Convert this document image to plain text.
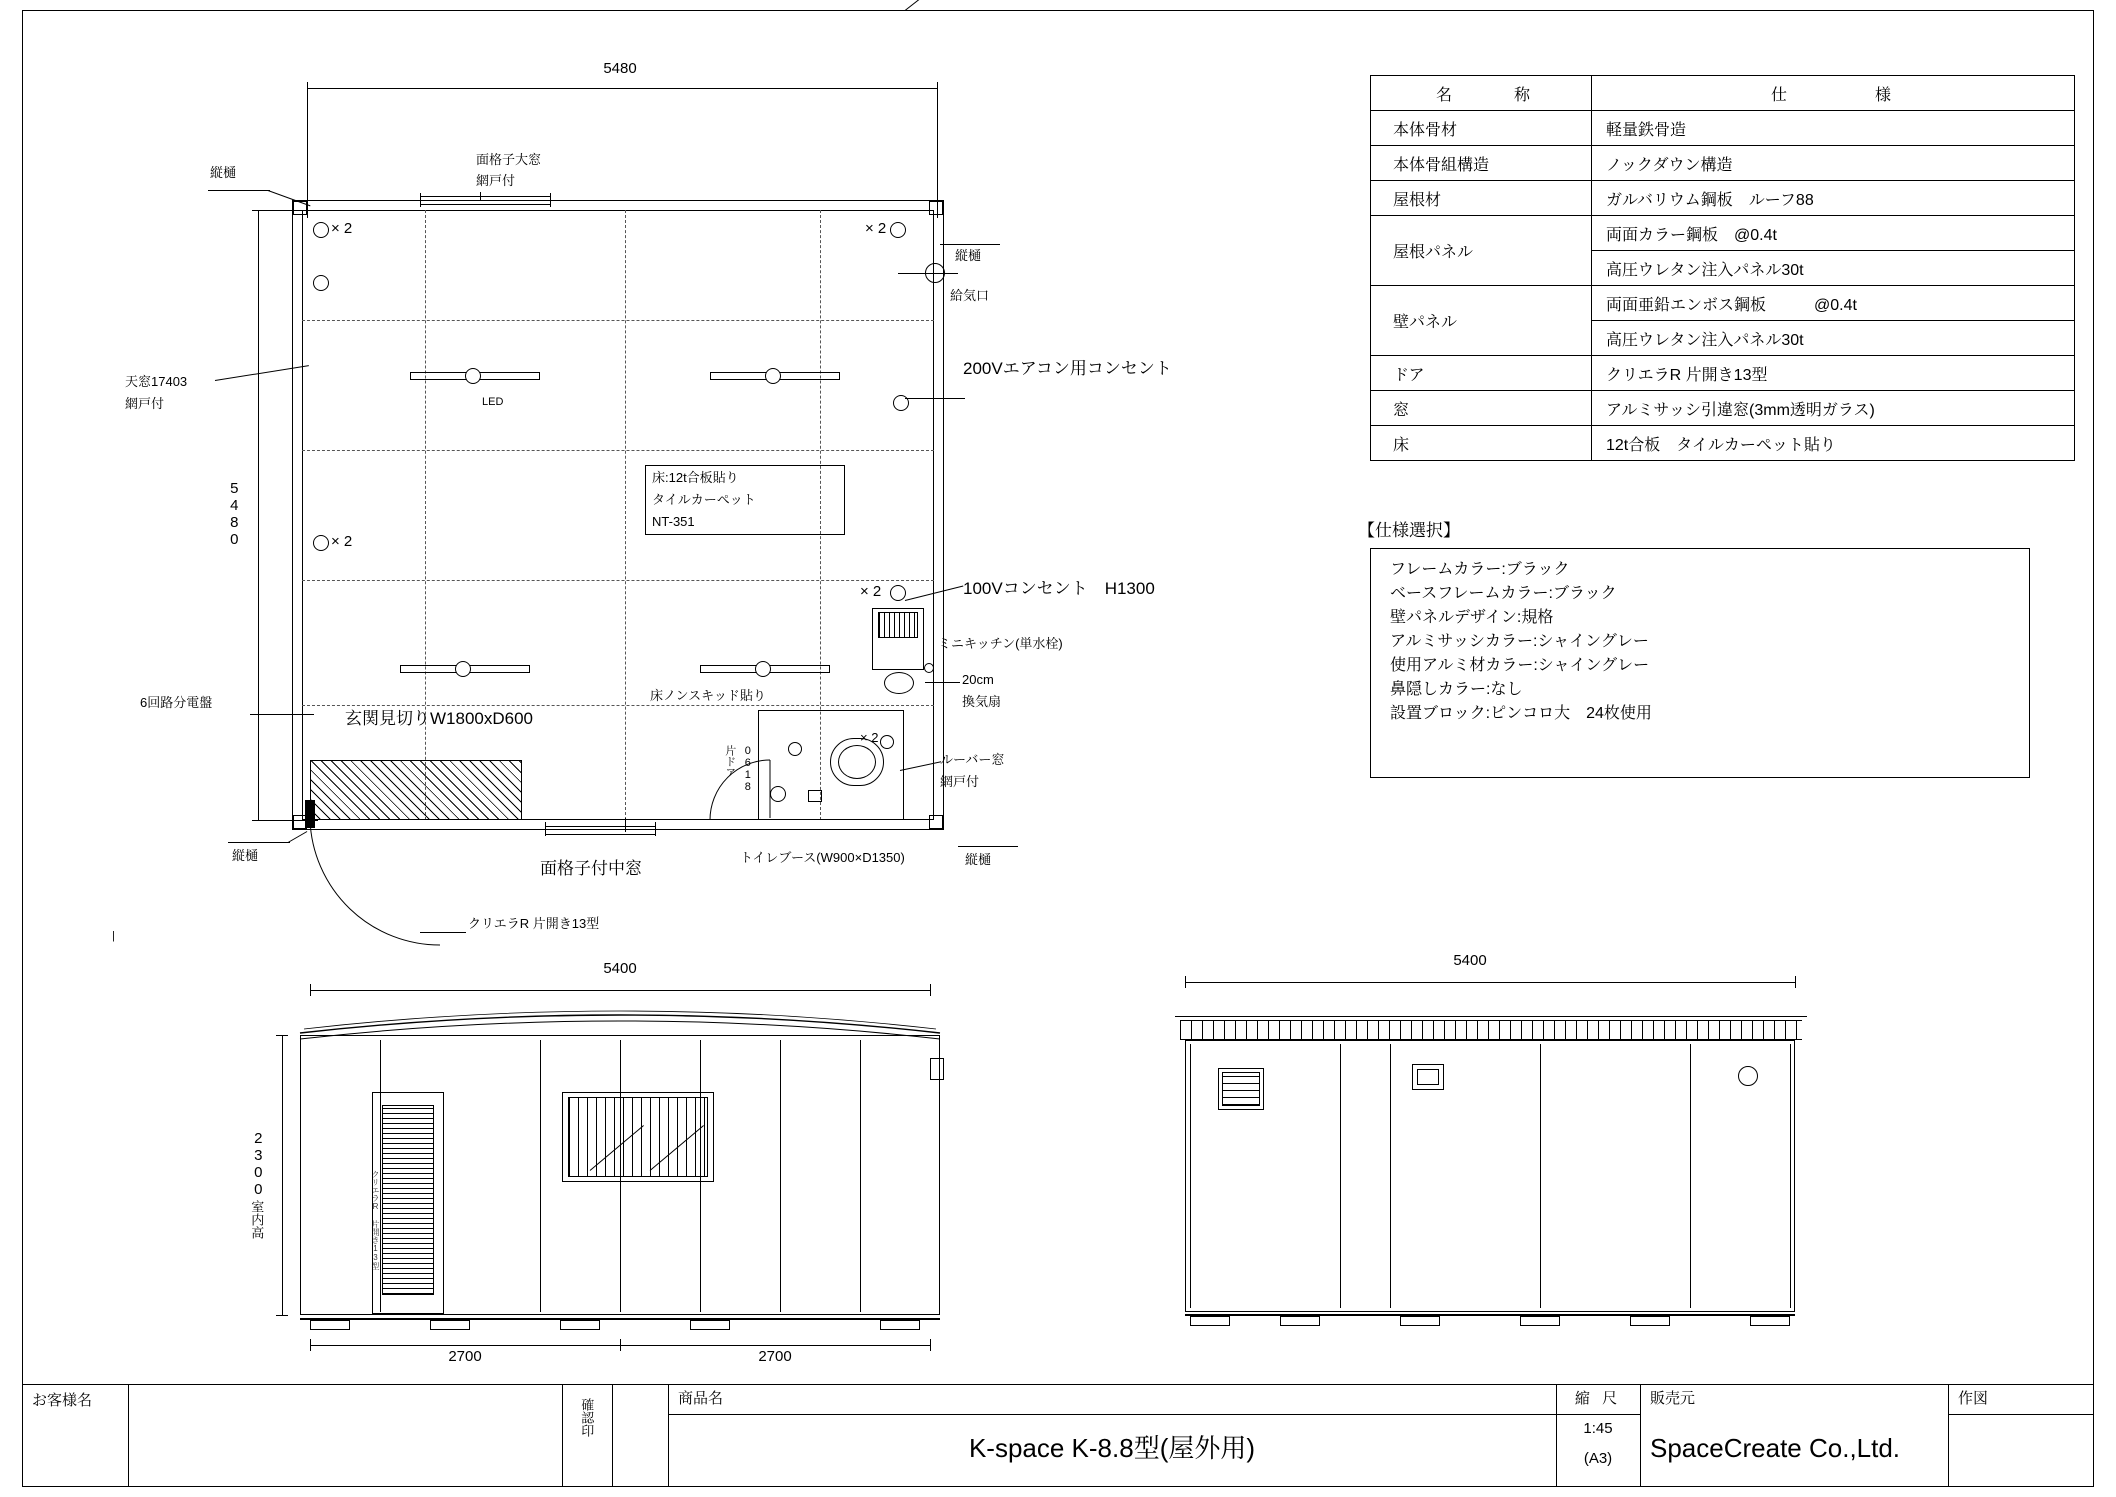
5480
5480
LED
× 2
× 2
× 2
× 2
× 2
床:12t合板貼り
タイルカーペット
NT-351
片ドア 0618
縦樋
面格子大窓
網戸付
縦樋
給気口
天窓17403
網戸付
200Vエアコン用コンセント
100Vコンセント　H1300
ミニキッチン(単水栓)
20cm
換気扇
ルーバー窓
網戸付
床ノンスキッド貼り
玄関見切りW1800xD600
6回路分電盤
縦樋
面格子付中窓
トイレブース(W900×D1350)	縦樋
クリエラR 片開き13型
|
名　　称	仕　　　様
本体骨材	軽量鉄骨造
本体骨組構造	ノックダウン構造
屋根材	ガルバリウム鋼板　ルーフ88
屋根パネル	両面カラー鋼板　@0.4t
	高圧ウレタン注入パネル30t
壁パネル	両面亜鉛エンボス鋼板　　　@0.4t
	高圧ウレタン注入パネル30t
ドア	クリエラR 片開き13型
窓	アルミサッシ引違窓(3mm透明ガラス)
床	12t合板　タイルカーペット貼り
【仕様選択】
フレームカラー:ブラック
ベースフレームカラー:ブラック
壁パネルデザイン:規格
アルミサッシカラー:シャイングレー
使用アルミ材カラー:シャイングレー
鼻隠しカラー:なし
設置ブロック:ピンコロ大　24枚使用
5400
クリエラR 片開き13型
2300
室内高
2700	2700
5400
お客様名	確認印	商品名
K-space K-8.8型(屋外用)
縮 尺
1:45
(A3)
販売元
SpaceCreate Co.,Ltd.
作図
